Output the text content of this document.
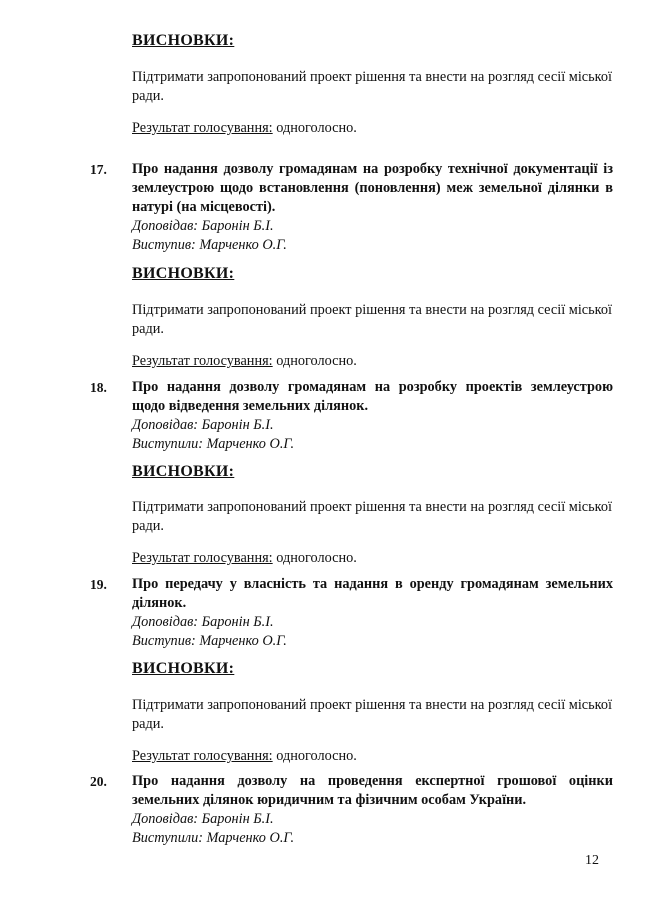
ВИСНОВКИ:
Підтримати запропонований проект рішення та внести на розгляд сесії міської ради.
Результат голосування: одноголосно.
17. Про надання дозволу громадянам на розробку технічної документації із землеустрою щодо встановлення (поновлення) меж земельної ділянки в натурі (на місцевості).
Доповідав: Баронін Б.І.
Виступив: Марченко О.Г.
ВИСНОВКИ:
Підтримати запропонований проект рішення та внести на розгляд сесії міської ради.
Результат голосування: одноголосно.
18. Про надання дозволу громадянам на розробку проектів землеустрою щодо відведення земельних ділянок.
Доповідав: Баронін Б.І.
Виступили: Марченко О.Г.
ВИСНОВКИ:
Підтримати запропонований проект рішення та внести на розгляд сесії міської ради.
Результат голосування: одноголосно.
19. Про передачу у власність та надання в оренду громадянам земельних ділянок.
Доповідав: Баронін Б.І.
Виступив: Марченко О.Г.
ВИСНОВКИ:
Підтримати запропонований проект рішення та внести на розгляд сесії міської ради.
Результат голосування: одноголосно.
20. Про надання дозволу на проведення експертної грошової оцінки земельних ділянок юридичним та фізичним особам України.
Доповідав: Баронін Б.І.
Виступили: Марченко О.Г.
12
